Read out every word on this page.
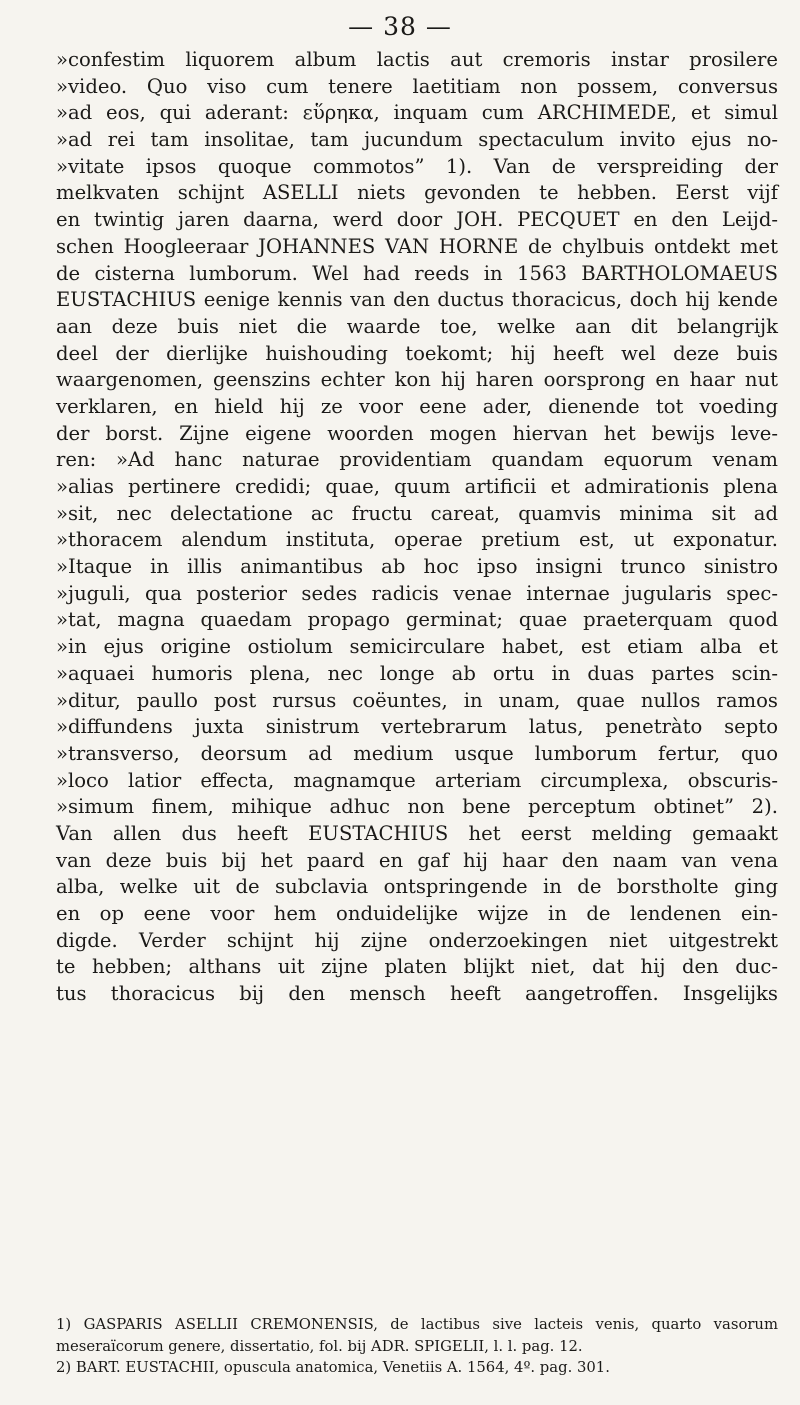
— 38 —
»confestim liquorem album lactis aut cremoris instar prosilere
»video. Quo viso cum tenere laetitiam non possem, conversus
»ad eos, qui aderant: εὕρηκα, inquam cum ARCHIMEDE, et simul
»ad rei tam insolitae, tam jucundum spectaculum invito ejus no-
»vitate ipsos quoque commotos” 1). Van de verspreiding der
melkvaten schijnt ASELLI niets gevonden te hebben. Eerst vijf
en twintig jaren daarna, werd door JOH. PECQUET en den Leijd-
schen Hoogleeraar JOHANNES VAN HORNE de chylbuis ontdekt met
de cisterna lumborum. Wel had reeds in 1563 BARTHOLOMAEUS
EUSTACHIUS eenige kennis van den ductus thoracicus, doch hij kende
aan deze buis niet die waarde toe, welke aan dit belangrijk
deel der dierlijke huishouding toekomt; hij heeft wel deze buis
waargenomen, geenszins echter kon hij haren oorsprong en haar nut
verklaren, en hield hij ze voor eene ader, dienende tot voeding
der borst. Zijne eigene woorden mogen hiervan het bewijs leve-
ren: »Ad hanc naturae providentiam quandam equorum venam
»alias pertinere credidi; quae, quum artificii et admirationis plena
»sit, nec delectatione ac fructu careat, quamvis minima sit ad
»thoracem alendum instituta, operae pretium est, ut exponatur.
»Itaque in illis animantibus ab hoc ipso insigni trunco sinistro
»juguli, qua posterior sedes radicis venae internae jugularis spec-
»tat, magna quaedam propago germinat; quae praeterquam quod
»in ejus origine ostiolum semicirculare habet, est etiam alba et
»aquaei humoris plena, nec longe ab ortu in duas partes scin-
»ditur, paullo post rursus coëuntes, in unam, quae nullos ramos
»diffundens juxta sinistrum vertebrarum latus, penetràto septo
»transverso, deorsum ad medium usque lumborum fertur, quo
»loco latior effecta, magnamque arteriam circumplexa, obscuris-
»simum finem, mihique adhuc non bene perceptum obtinet” 2).
Van allen dus heeft EUSTACHIUS het eerst melding gemaakt
van deze buis bij het paard en gaf hij haar den naam van vena
alba, welke uit de subclavia ontspringende in de borstholte ging
en op eene voor hem onduidelijke wijze in de lendenen ein-
digde. Verder schijnt hij zijne onderzoekingen niet uitgestrekt
te hebben; althans uit zijne platen blijkt niet, dat hij den duc-
tus thoracicus bij den mensch heeft aangetroffen. Insgelijks
1) GASPARIS ASELLII CREMONENSIS, de lactibus sive lacteis venis, quarto vasorum
meseraïcorum genere, dissertatio, fol. bij ADR. SPIGELII, l. l. pag. 12.
2) BART. EUSTACHII, opuscula anatomica, Venetiis A. 1564, 4º. pag. 301.
